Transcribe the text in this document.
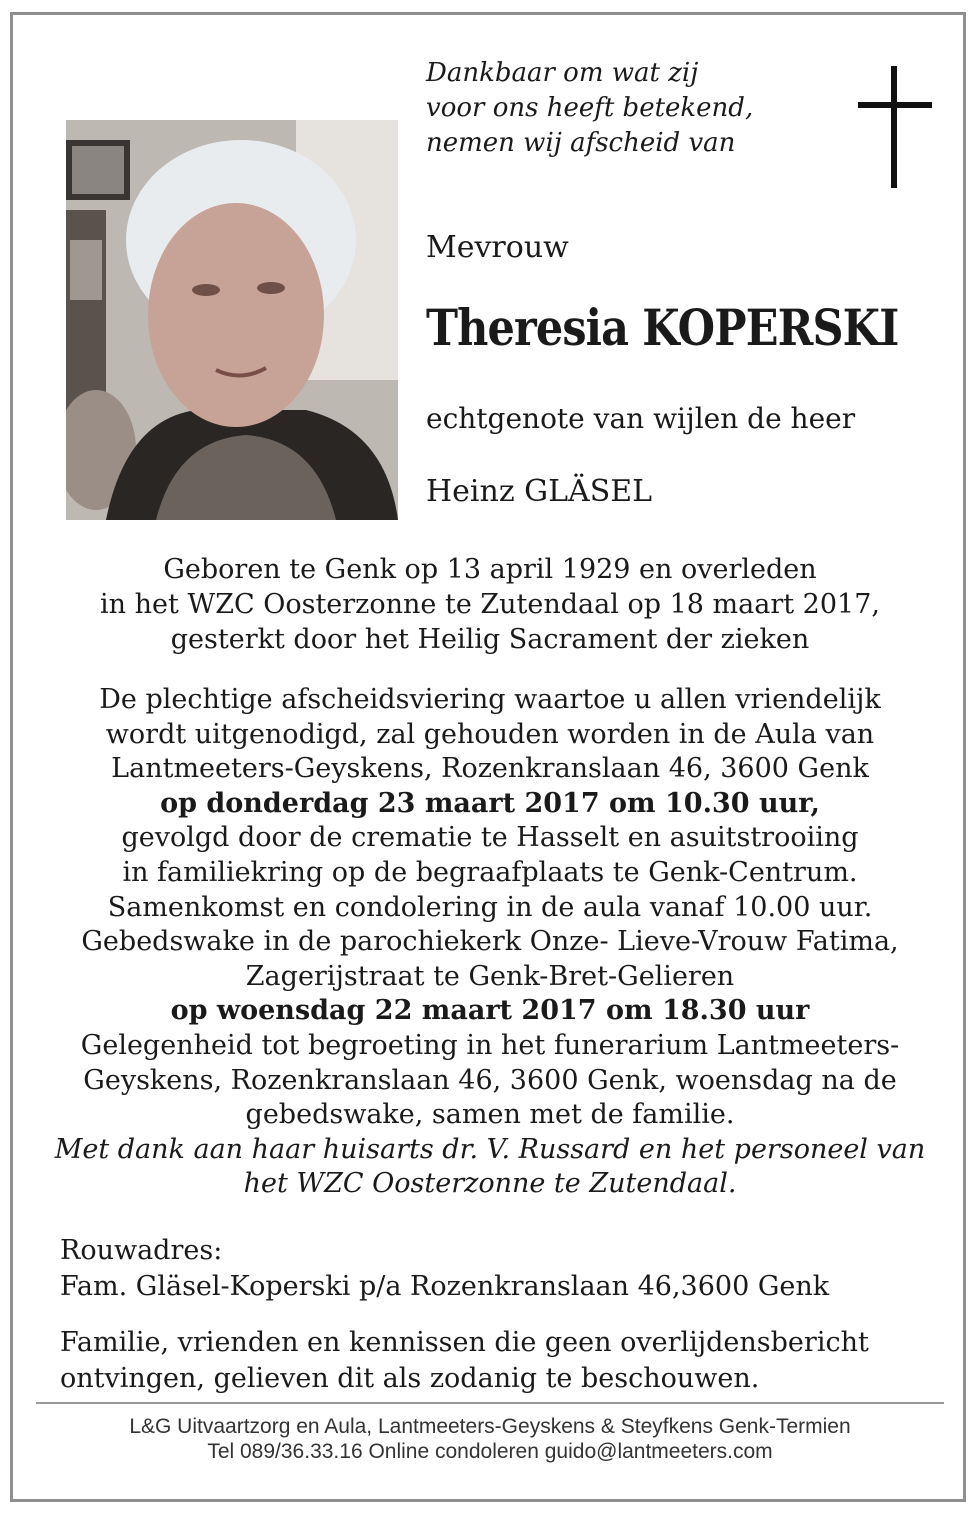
Dankbaar om wat zij
voor ons heeft betekend,
nemen wij afscheid van
Mevrouw
Theresia KOPERSKI
echtgenote van wijlen de heer
Heinz GLÄSEL
Geboren te Genk op 13 april 1929 en overleden
in het WZC Oosterzonne te Zutendaal op 18 maart 2017,
gesterkt door het Heilig Sacrament der zieken

De plechtige afscheidsviering waartoe u allen vriendelijk

wordt uitgenodigd, zal gehouden worden in de Aula van

Lantmeeters-Geyskens, Rozenkranslaan 46, 3600 Genk

op donderdag 23 maart 2017 om 10.30 uur,

gevolgd door de crematie te Hasselt en asuitstrooiing

in familiekring op de begraafplaats te Genk-Centrum.

Samenkomst en condolering in de aula vanaf 10.00 uur.

Gebedswake in de parochiekerk Onze- Lieve-Vrouw Fatima,

Zagerijstraat te Genk-Bret-Gelieren

op woensdag 22 maart 2017 om 18.30 uur

Gelegenheid tot begroeting in het funerarium Lantmeeters-

Geyskens, Rozenkranslaan 46, 3600 Genk, woensdag na de

gebedswake, samen met de familie.

Met dank aan haar huisarts dr. V. Russard en het personeel van

het WZC Oosterzonne te Zutendaal.

Rouwadres:
Fam. Gläsel-Koperski p/a Rozenkranslaan 46,3600 Genk
Familie, vrienden en kennissen die geen overlijdensbericht
ontvingen, gelieven dit als zodanig te beschouwen.
L&G Uitvaartzorg en Aula, Lantmeeters-Geyskens & Steyfkens Genk-Termien
Tel 089/36.33.16 Online condoleren guido@lantmeeters.com
